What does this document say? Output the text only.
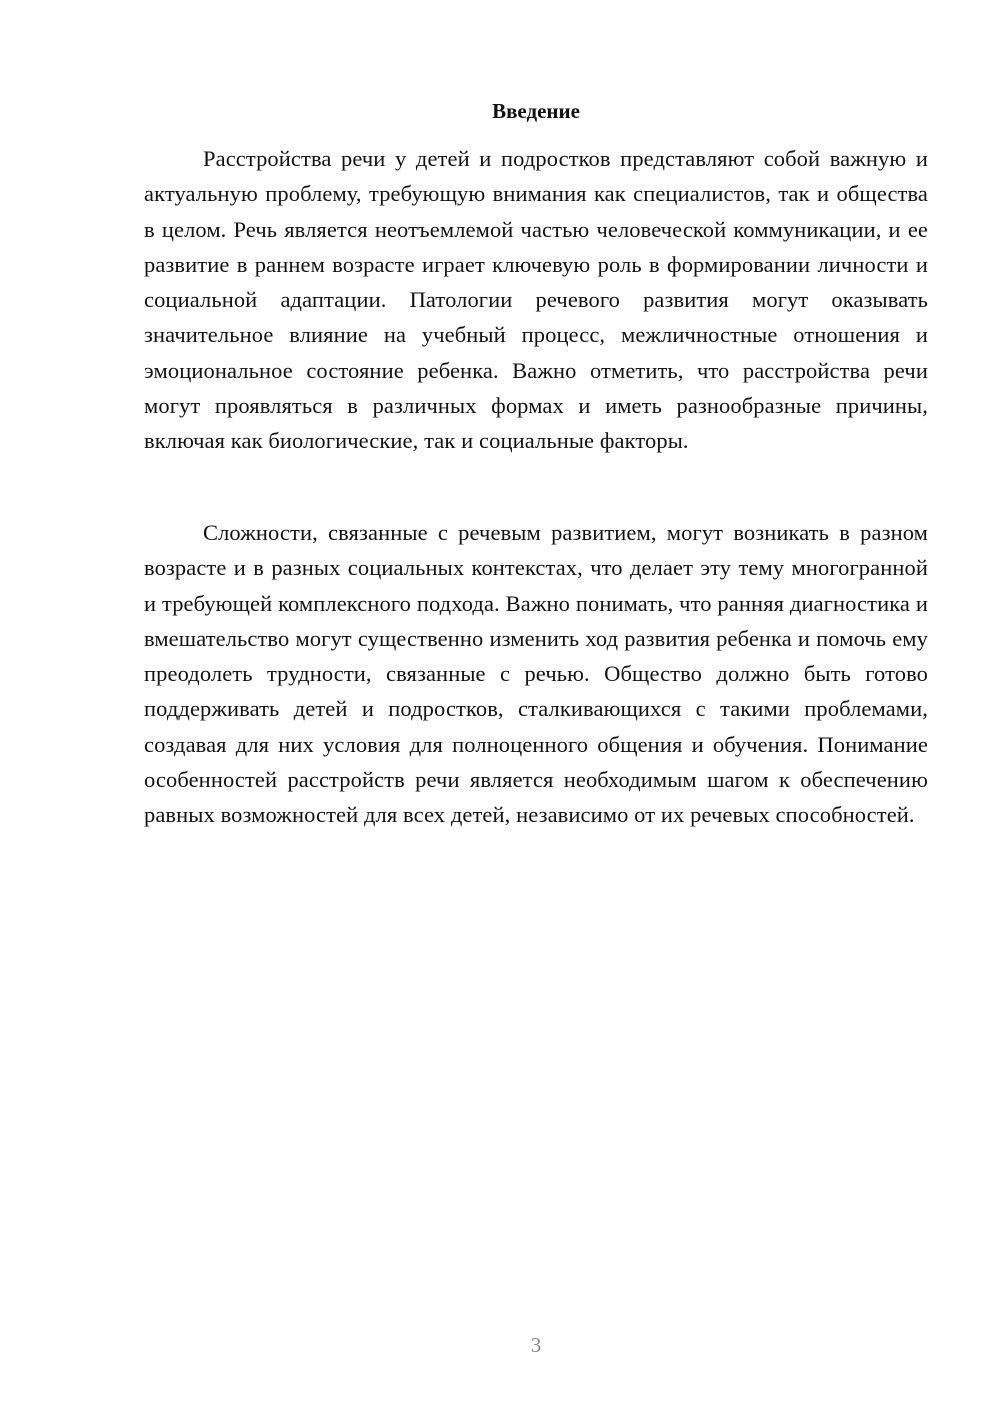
Введение

Расстройства речи у детей и подростков представляют собой важную и актуальную проблему, требующую внимания как специалистов, так и общества в целом. Речь является неотъемлемой частью человеческой коммуникации, и ее развитие в раннем возрасте играет ключевую роль в формировании личности и социальной адаптации. Патологии речевого развития могут оказывать значительное влияние на учебный процесс, межличностные отношения и эмоциональное состояние ребенка. Важно отметить, что расстройства речи могут проявляться в различных формах и иметь разнообразные причины, включая как биологические, так и социальные факторы.

Сложности, связанные с речевым развитием, могут возникать в разном возрасте и в разных социальных контекстах, что делает эту тему многогранной и требующей комплексного подхода. Важно понимать, что ранняя диагностика и вмешательство могут существенно изменить ход развития ребенка и помочь ему преодолеть трудности, связанные с речью. Общество должно быть готово поддерживать детей и подростков, сталкивающихся с такими проблемами, создавая для них условия для полноценного общения и обучения. Понимание особенностей расстройств речи является необходимым шагом к обеспечению равных возможностей для всех детей, независимо от их речевых способностей.

3
